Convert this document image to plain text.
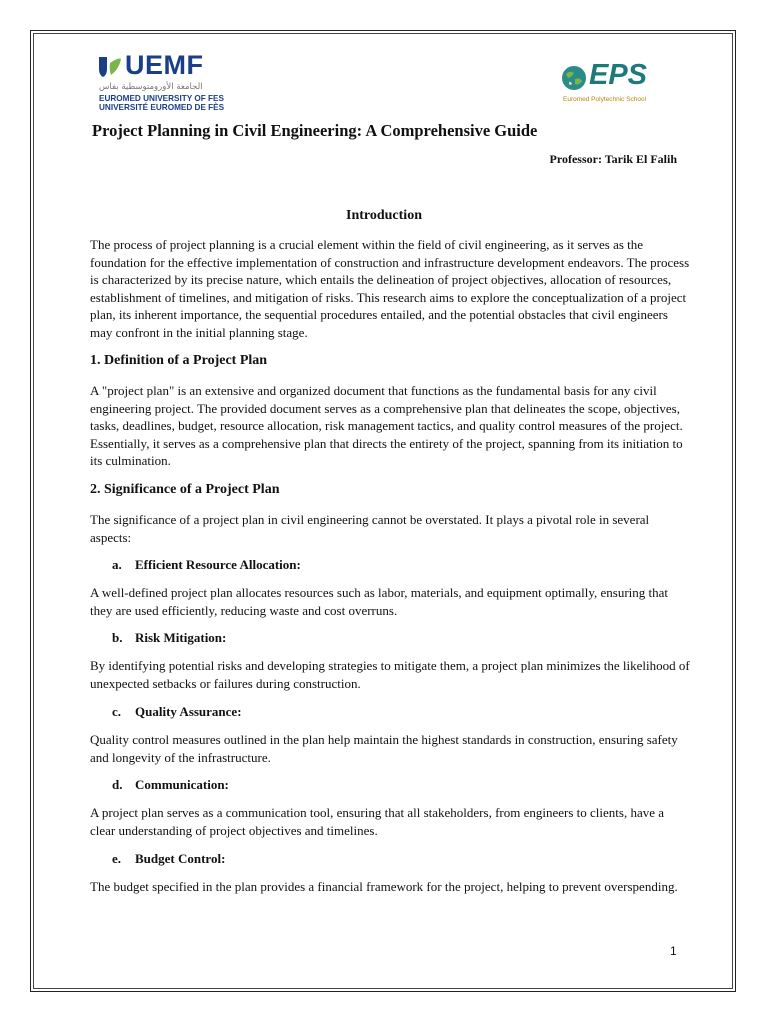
UEMF
الجامعة الأورومتوسطية بفاس
EUROMED UNIVERSITY OF FES
UNIVERSITÉ EUROMED DE FÈS
EPS
Euromed Polytechnic School
Project Planning in Civil Engineering: A Comprehensive Guide
Professor: Tarik El Falih
Introduction
The process of project planning is a crucial element within the field of civil engineering, as it serves as the foundation for the effective implementation of construction and infrastructure development endeavors. The process is characterized by its precise nature, which entails the delineation of project objectives, allocation of resources, establishment of timelines, and mitigation of risks. This research aims to explore the conceptualization of a project plan, its inherent importance, the sequential procedures entailed, and the potential obstacles that civil engineers may confront in the initial planning stage.
1. Definition of a Project Plan
A "project plan" is an extensive and organized document that functions as the fundamental basis for any civil engineering project. The provided document serves as a comprehensive plan that delineates the scope, objectives, tasks, deadlines, budget, resource allocation, risk management tactics, and quality control measures of the project. Essentially, it serves as a comprehensive plan that directs the entirety of the project, spanning from its initiation to its culmination.
2. Significance of a Project Plan
The significance of a project plan in civil engineering cannot be overstated. It plays a pivotal role in several aspects:
a. Efficient Resource Allocation:
A well-defined project plan allocates resources such as labor, materials, and equipment optimally, ensuring that they are used efficiently, reducing waste and cost overruns.
b. Risk Mitigation:
By identifying potential risks and developing strategies to mitigate them, a project plan minimizes the likelihood of unexpected setbacks or failures during construction.
c. Quality Assurance:
Quality control measures outlined in the plan help maintain the highest standards in construction, ensuring safety and longevity of the infrastructure.
d. Communication:
A project plan serves as a communication tool, ensuring that all stakeholders, from engineers to clients, have a clear understanding of project objectives and timelines.
e. Budget Control:
The budget specified in the plan provides a financial framework for the project, helping to prevent overspending.
1
